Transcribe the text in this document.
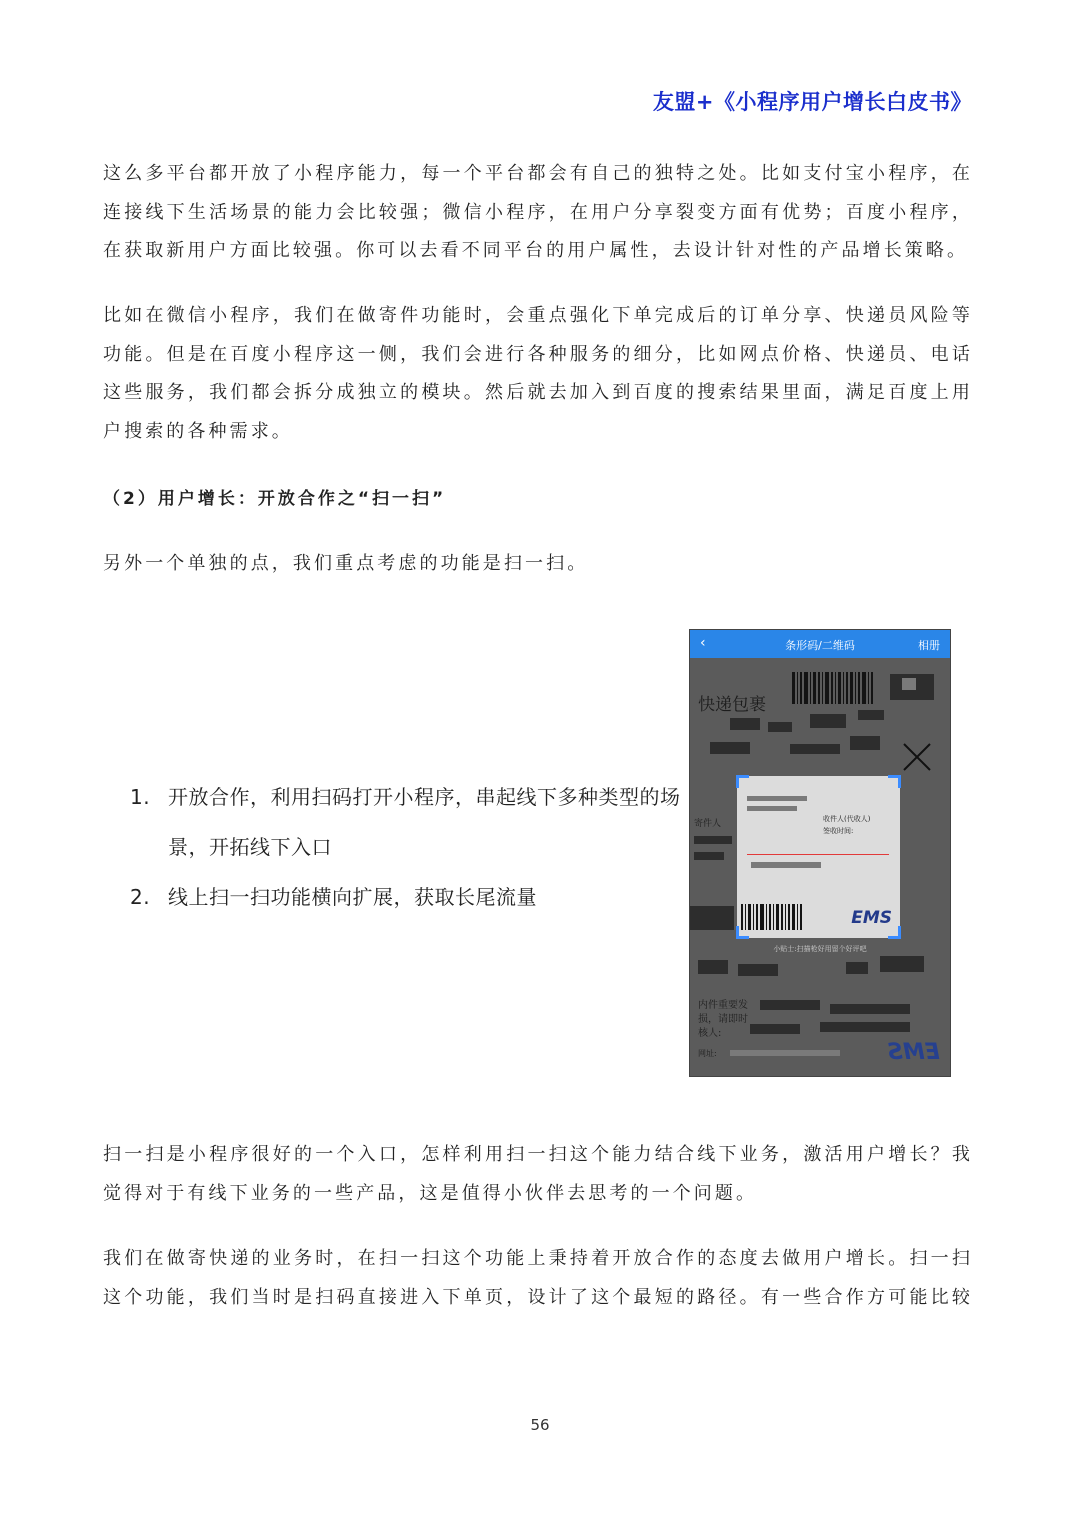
友盟+《小程序用户增长白皮书》

这么多平台都开放了小程序能力，每一个平台都会有自己的独特之处。比如支付宝小程序，在连接线下生活场景的能力会比较强；微信小程序，在用户分享裂变方面有优势；百度小程序，在获取新用户方面比较强。你可以去看不同平台的用户属性，去设计针对性的产品增长策略。

比如在微信小程序，我们在做寄件功能时，会重点强化下单完成后的订单分享、快递员风险等功能。但是在百度小程序这一侧，我们会进行各种服务的细分，比如网点价格、快递员、电话这些服务，我们都会拆分成独立的模块。然后就去加入到百度的搜索结果里面，满足百度上用户搜索的各种需求。

（2）用户增长：开放合作之“扫一扫”

另外一个单独的点，我们重点考虑的功能是扫一扫。

1. 开放合作，利用扫码打开小程序，串起线下多种类型的场景，开拓线下入口
2. 线上扫一扫功能横向扩展，获取长尾流量
‹	条形码/二维码	相册
快递包裹
寄件人	收件人(代收人)
签收时间:
EMS
小贴士:扫描枪好用留个好评吧
内件重要发
损，请即时
核人:
网址:	EMS

扫一扫是小程序很好的一个入口，怎样利用扫一扫这个能力结合线下业务，激活用户增长？我觉得对于有线下业务的一些产品，这是值得小伙伴去思考的一个问题。

我们在做寄快递的业务时，在扫一扫这个功能上秉持着开放合作的态度去做用户增长。扫一扫这个功能，我们当时是扫码直接进入下单页，设计了这个最短的路径。有一些合作方可能比较

56
